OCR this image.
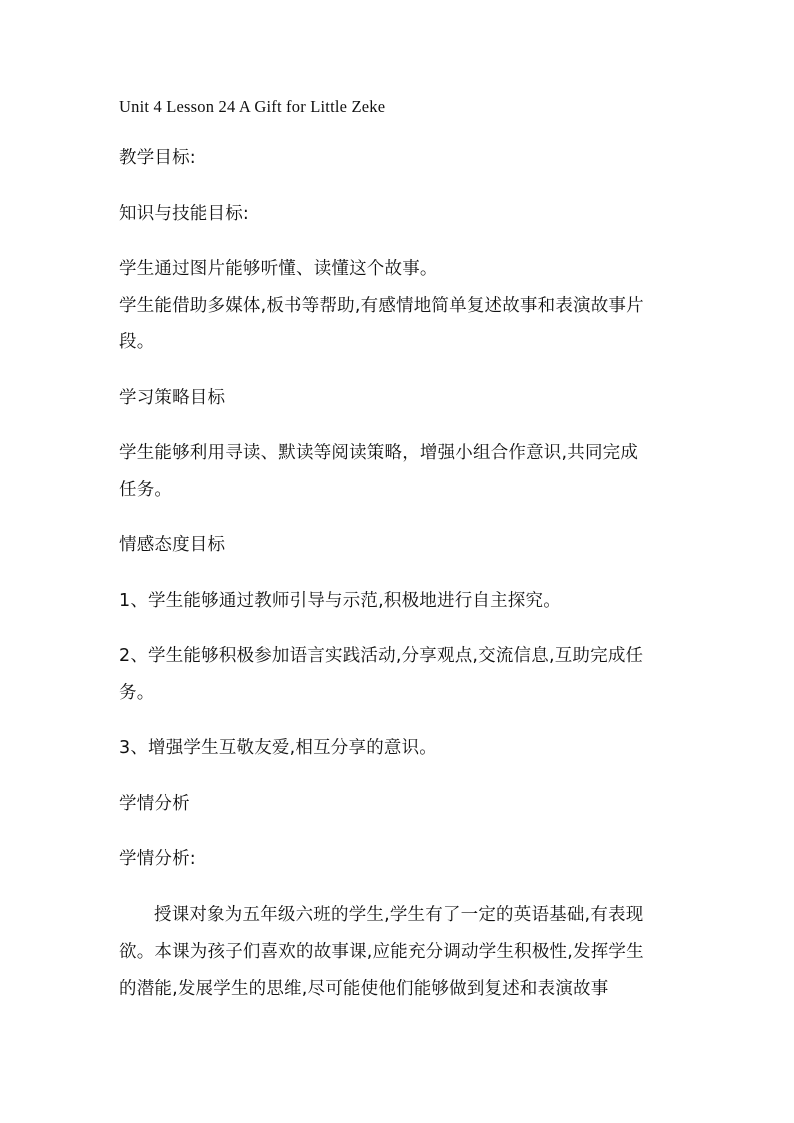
Unit 4 Lesson 24 A Gift for Little Zeke
教学目标:
知识与技能目标:
学生通过图片能够听懂、读懂这个故事。
学生能借助多媒体,板书等帮助,有感情地简单复述故事和表演故事片
段。
学习策略目标
学生能够利用寻读、默读等阅读策略，增强小组合作意识,共同完成
任务。
情感态度目标
1、学生能够通过教师引导与示范,积极地进行自主探究。
2、学生能够积极参加语言实践活动,分享观点,交流信息,互助完成任
务。
3、增强学生互敬友爱,相互分享的意识。
学情分析
学情分析:
授课对象为五年级六班的学生,学生有了一定的英语基础,有表现
欲。本课为孩子们喜欢的故事课,应能充分调动学生积极性,发挥学生
的潜能,发展学生的思维,尽可能使他们能够做到复述和表演故事
